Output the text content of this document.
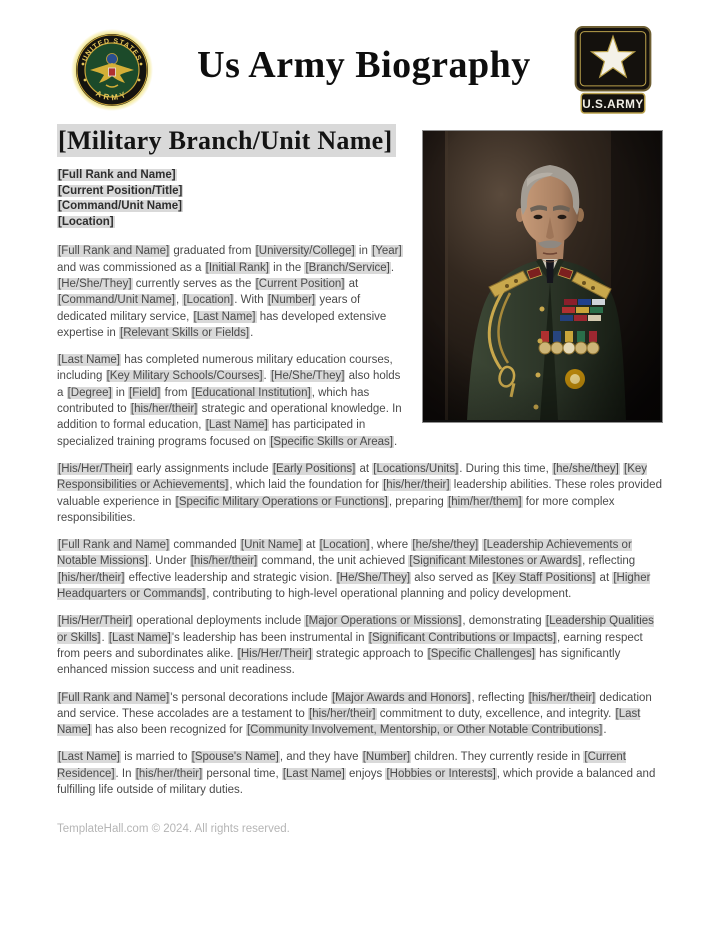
UNITED STATES
ARMY
Us Army Biography
U.S.ARMY
[Military Branch/Unit Name]
[Full Rank and Name]
[Current Position/Title]
[Command/Unit Name]
[Location]

[Full Rank and Name] graduated from [University/College] in [Year] and was commissioned as a [Initial Rank] in the [Branch/Service]. [He/She/They] currently serves as the [Current Position] at [Command/Unit Name], [Location]. With [Number] years of dedicated military service, [Last Name] has developed extensive expertise in [Relevant Skills or Fields].

[Last Name] has completed numerous military education courses, including [Key Military Schools/Courses]. [He/She/They] also holds a [Degree] in [Field] from [Educational Institution], which has contributed to [his/her/their] strategic and operational knowledge. In addition to formal education, [Last Name] has participated in specialized training programs focused on [Specific Skills or Areas].

[His/Her/Their] early assignments include [Early Positions] at [Locations/Units]. During this time, [he/she/they] [Key Responsibilities or Achievements], which laid the foundation for [his/her/their] leadership abilities. These roles provided valuable experience in [Specific Military Operations or Functions], preparing [him/her/them] for more complex responsibilities.

[Full Rank and Name] commanded [Unit Name] at [Location], where [he/she/they] [Leadership Achievements or Notable Missions]. Under [his/her/their] command, the unit achieved [Significant Milestones or Awards], reflecting [his/her/their] effective leadership and strategic vision. [He/She/They] also served as [Key Staff Positions] at [Higher Headquarters or Commands], contributing to high-level operational planning and policy development.

[His/Her/Their] operational deployments include [Major Operations or Missions], demonstrating [Leadership Qualities or Skills]. [Last Name]'s leadership has been instrumental in [Significant Contributions or Impacts], earning respect from peers and subordinates alike. [His/Her/Their] strategic approach to [Specific Challenges] has significantly enhanced mission success and unit readiness.

[Full Rank and Name]'s personal decorations include [Major Awards and Honors], reflecting [his/her/their] dedication and service. These accolades are a testament to [his/her/their] commitment to duty, excellence, and integrity. [Last Name] has also been recognized for [Community Involvement, Mentorship, or Other Notable Contributions].

[Last Name] is married to [Spouse's Name], and they have [Number] children. They currently reside in [Current Residence]. In [his/her/their] personal time, [Last Name] enjoys [Hobbies or Interests], which provide a balanced and fulfilling life outside of military duties.

TemplateHall.com © 2024. All rights reserved.
